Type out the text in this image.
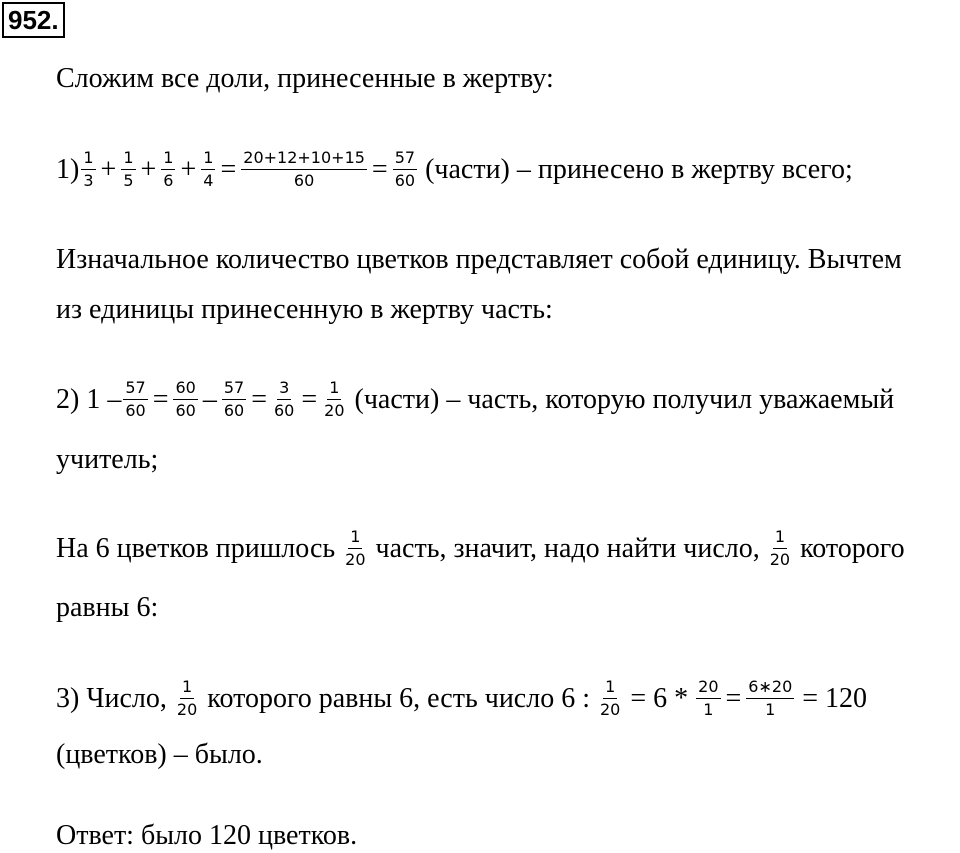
952.
Сложим все доли, принесенные в жертву:
$1) \frac{1}{3} + \frac{1}{5} + \frac{1}{6} + \frac{1}{4} = \frac{20+12+10+15}{60} = \frac{57}{60}$ (части) – принесено в жертву всего;
Изначальное количество цветков представляет собой единицу. Вычтем
из единицы принесенную в жертву часть:
2) $1 - \frac{57}{60} = \frac{60}{60} - \frac{57}{60} = \frac{3}{60} = \frac{1}{20}$ (части) – часть, которую получил уважаемый
учитель;
На 6 цветков пришлось $\frac{1}{20}$ часть, значит, надо найти число, $\frac{1}{20}$ которого
равны 6:
3) Число, $\frac{1}{20}$ которого равны 6, есть число 6 : $\frac{1}{20} = 6 * \frac{20}{1} = \frac{6∗20}{1} = 120$
(цветков) – было.
Ответ: было 120 цветков.
